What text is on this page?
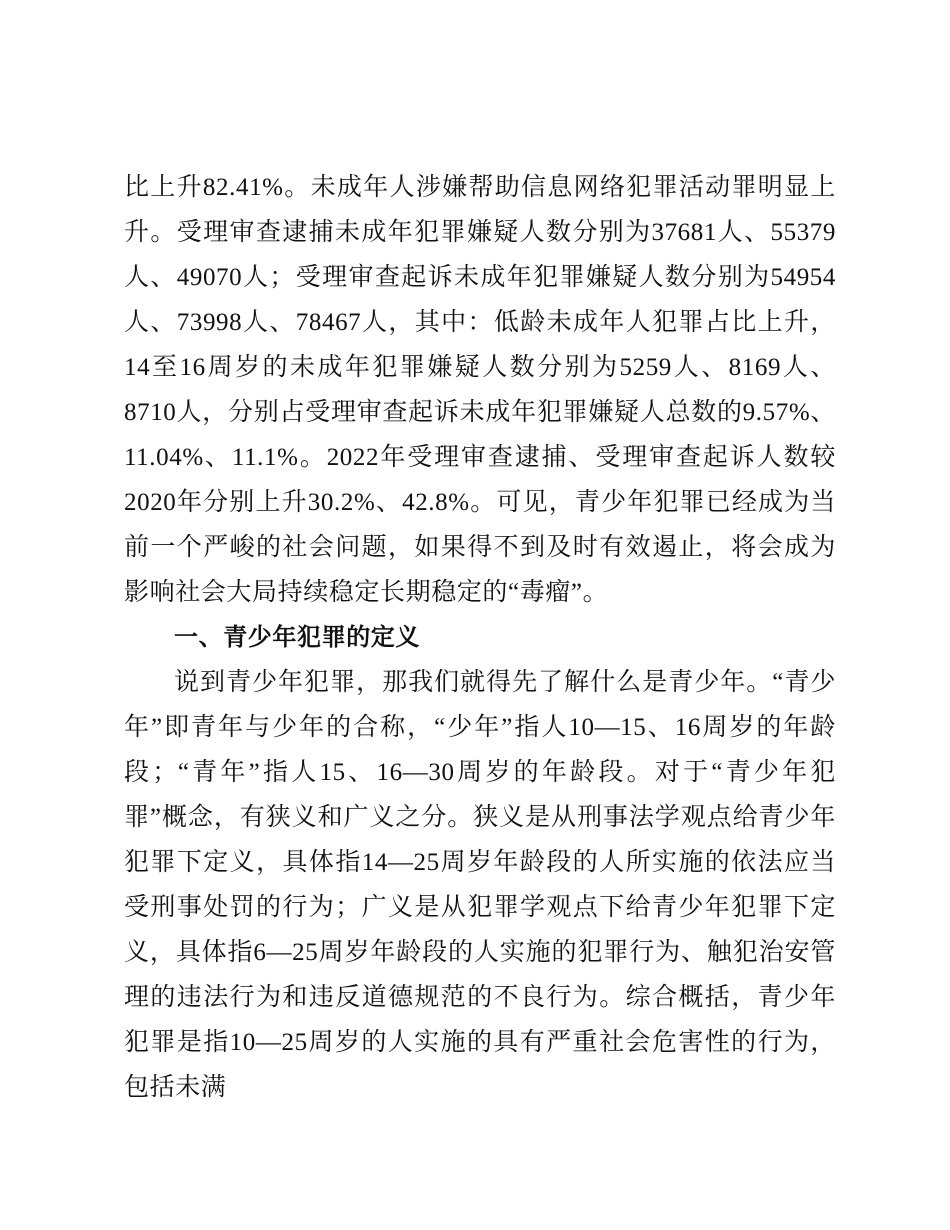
比上升82.41%。未成年人涉嫌帮助信息网络犯罪活动罪明显上升。受理审查逮捕未成年犯罪嫌疑人数分别为37681人、55379人、49070人；受理审查起诉未成年犯罪嫌疑人数分别为54954人、73998人、78467人，其中：低龄未成年人犯罪占比上升，14至16周岁的未成年犯罪嫌疑人数分别为5259人、8169人、8710人，分别占受理审查起诉未成年犯罪嫌疑人总数的9.57%、11.04%、11.1%。2022年受理审查逮捕、受理审查起诉人数较2020年分别上升30.2%、42.8%。可见，青少年犯罪已经成为当前一个严峻的社会问题，如果得不到及时有效遏止，将会成为影响社会大局持续稳定长期稳定的“毒瘤”。

一、青少年犯罪的定义

说到青少年犯罪，那我们就得先了解什么是青少年。“青少年”即青年与少年的合称，“少年”指人10—15、16周岁的年龄段；“青年”指人15、16—30周岁的年龄段。对于“青少年犯罪”概念，有狭义和广义之分。狭义是从刑事法学观点给青少年犯罪下定义，具体指14—25周岁年龄段的人所实施的依法应当受刑事处罚的行为；广义是从犯罪学观点下给青少年犯罪下定义，具体指6—25周岁年龄段的人实施的犯罪行为、触犯治安管理的违法行为和违反道德规范的不良行为。综合概括，青少年犯罪是指10—25周岁的人实施的具有严重社会危害性的行为，包括未满
